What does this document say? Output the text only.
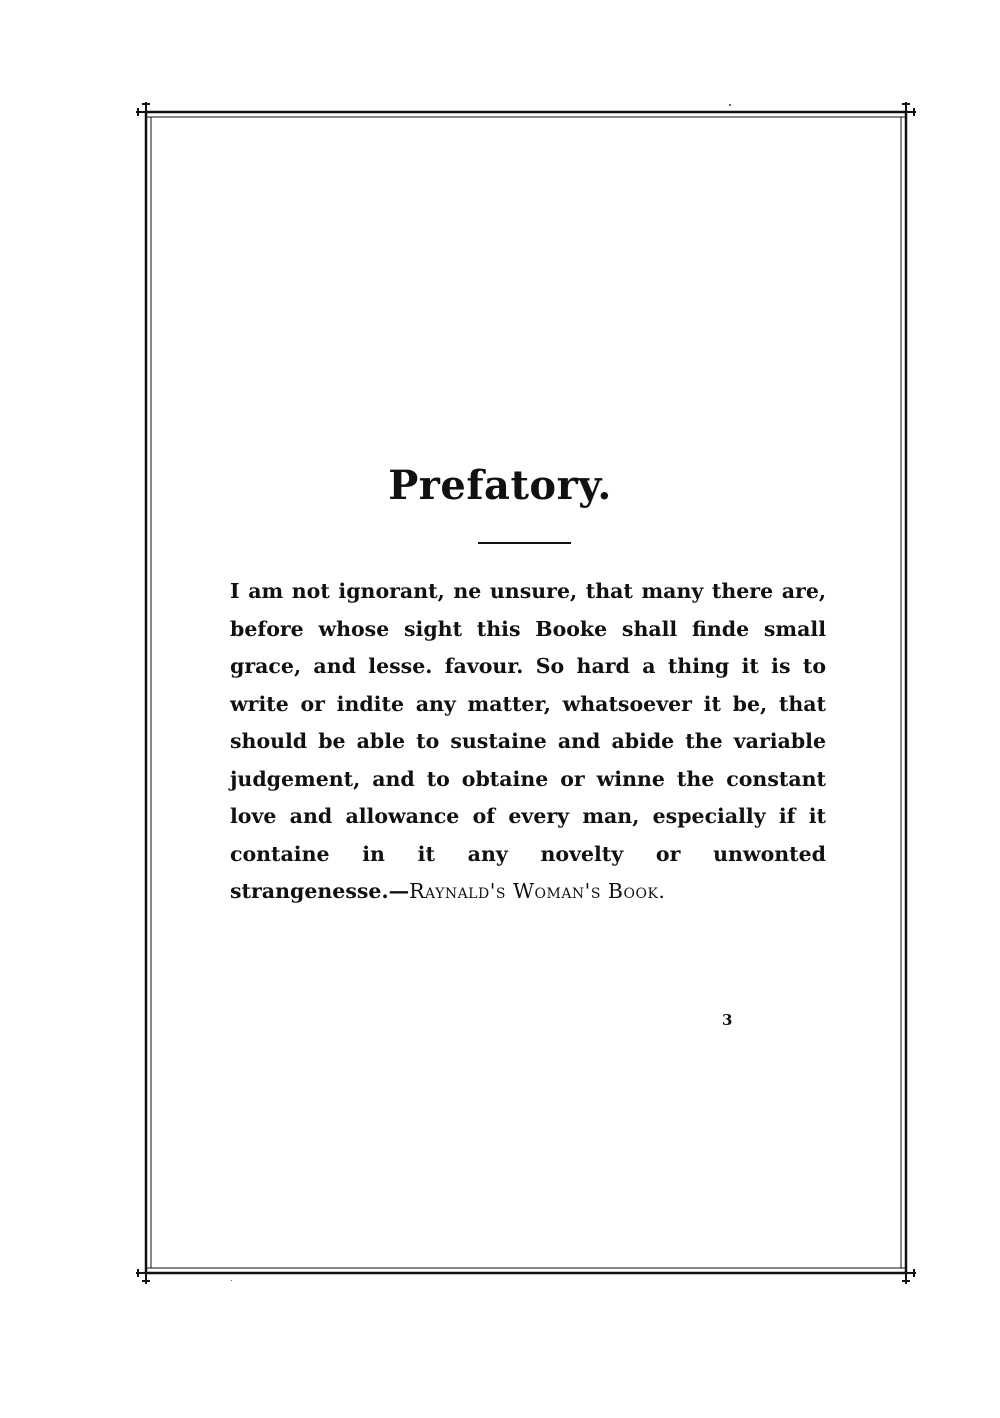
Prefatory.
I am not ignorant, ne unsure, that many there are, before whose sight this Booke shall finde small grace, and lesse. favour. So hard a thing it is to write or indite any matter, whatsoever it be, that should be able to sustaine and abide the variable judgement, and to obtaine or winne the constant love and allowance of every man, especially if it containe in it any novelty or unwonted strangenesse.—Raynald's Woman's Book.
3
